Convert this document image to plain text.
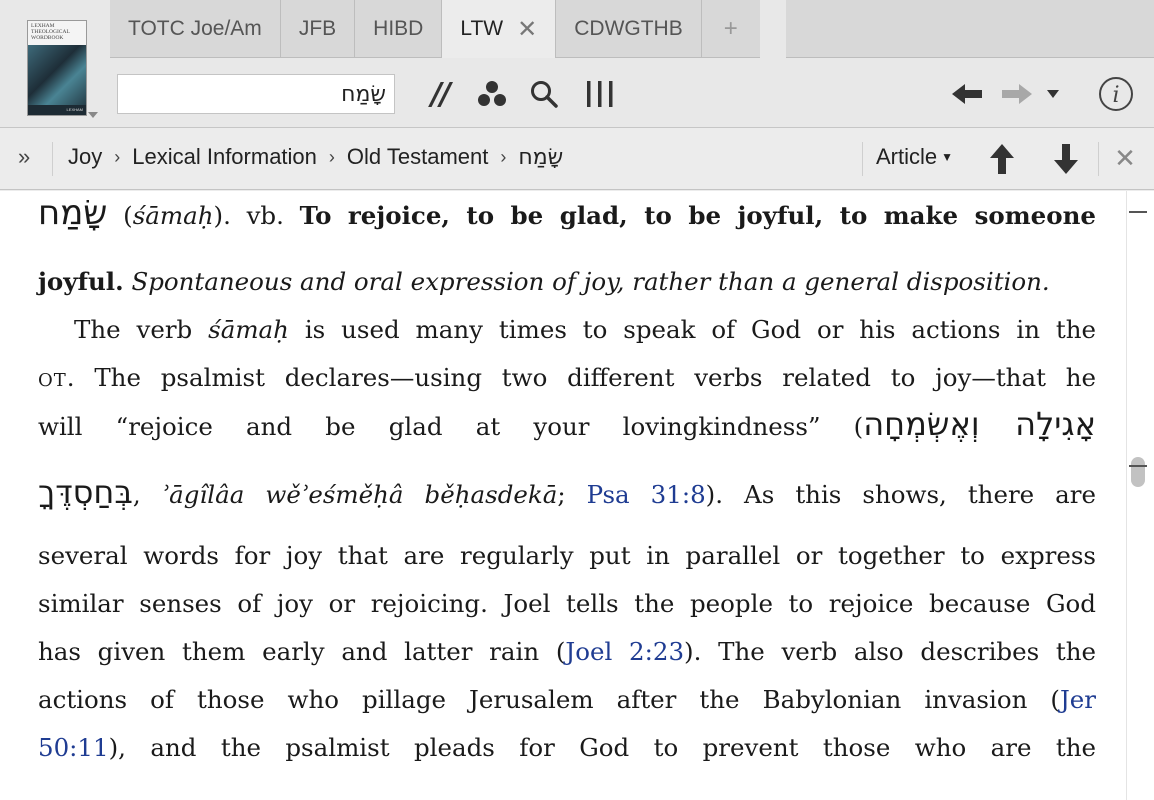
LEXHAM THEOLOGICAL WORDBOOK
LEXHAM
TOTC Joe/Am JFB HIBD LTW ✕ CDWGTHB	+
שָׂמַח
//	i
» Joy › Lexical Information › Old Testament › שָׂמַח	Article ▼	✕
שָׂמַח (śāmaḥ). vb. To rejoice, to be glad, to be joyful, to make someone
joyful. Spontaneous and oral expression of joy, rather than a general disposition.
The verb śāmaḥ is used many times to speak of God or his actions in the
OT. The psalmist declares—using two different verbs related to joy—that he
will “rejoice and be glad at your lovingkindness” (אָגִילָה וְאֶשְׂמְחָה
בְּחַסְדֶּךָ, ʾāgîlâa wěʾeśměḥâ běḥasdekā; Psa 31:8). As this shows, there are
several words for joy that are regularly put in parallel or together to express
similar senses of joy or rejoicing. Joel tells the people to rejoice because God
has given them early and latter rain (Joel 2:23). The verb also describes the
actions of those who pillage Jerusalem after the Babylonian invasion (Jer
50:11), and the psalmist pleads for God to prevent those who are the
